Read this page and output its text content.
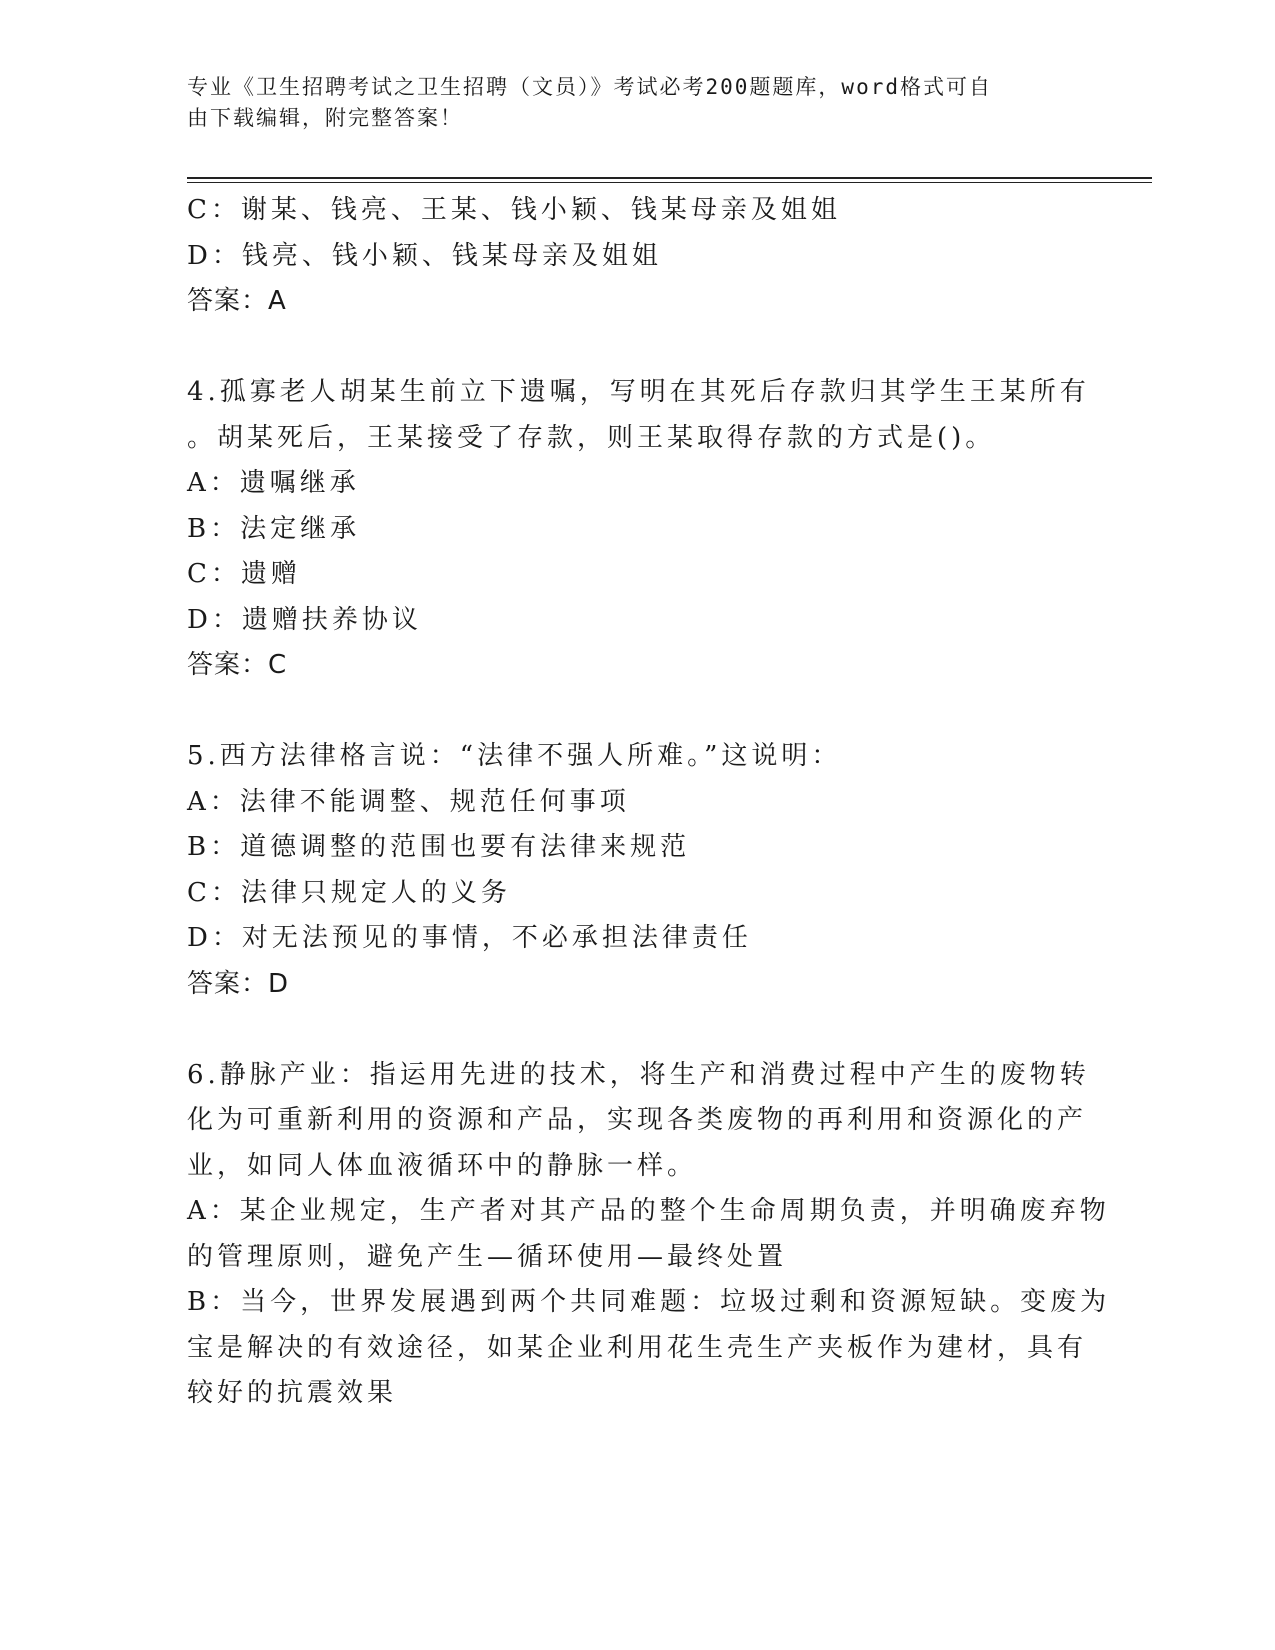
专业《卫生招聘考试之卫生招聘（文员）》考试必考200题题库，word格式可自
由下载编辑，附完整答案！

C：谢某、钱亮、王某、钱小颖、钱某母亲及姐姐

D：钱亮、钱小颖、钱某母亲及姐姐

答案：A

4.孤寡老人胡某生前立下遗嘱，写明在其死后存款归其学生王某所有

。胡某死后，王某接受了存款，则王某取得存款的方式是()。

A：遗嘱继承

B：法定继承

C：遗赠

D：遗赠扶养协议

答案：C

5.西方法律格言说：“法律不强人所难。”这说明：

A：法律不能调整、规范任何事项

B：道德调整的范围也要有法律来规范

C：法律只规定人的义务

D：对无法预见的事情，不必承担法律责任

答案：D

6.静脉产业：指运用先进的技术，将生产和消费过程中产生的废物转

化为可重新利用的资源和产品，实现各类废物的再利用和资源化的产

业，如同人体血液循环中的静脉一样。

A：某企业规定，生产者对其产品的整个生命周期负责，并明确废弃物

的管理原则，避免产生—循环使用—最终处置

B：当今，世界发展遇到两个共同难题：垃圾过剩和资源短缺。变废为

宝是解决的有效途径，如某企业利用花生壳生产夹板作为建材，具有

较好的抗震效果
